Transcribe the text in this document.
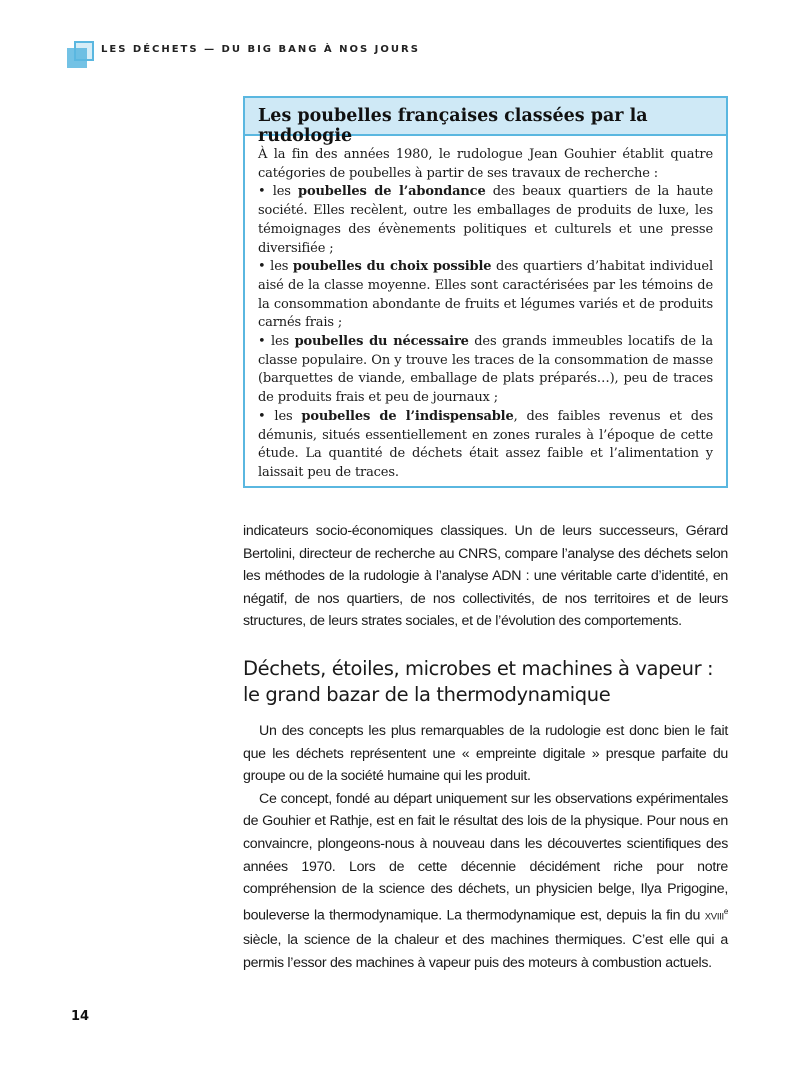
LES DÉCHETS — DU BIG BANG À NOS JOURS
Les poubelles françaises classées par la rudologie

À la fin des années 1980, le rudologue Jean Gouhier établit quatre catégories de poubelles à partir de ses travaux de recherche :

• les poubelles de l’abondance des beaux quartiers de la haute société. Elles recèlent, outre les emballages de produits de luxe, les témoignages des évènements politiques et culturels et une presse diversifiée ;

• les poubelles du choix possible des quartiers d’habitat individuel aisé de la classe moyenne. Elles sont caractérisées par les témoins de la consommation abondante de fruits et légumes variés et de produits carnés frais ;

• les poubelles du nécessaire des grands immeubles locatifs de la classe populaire. On y trouve les traces de la consommation de masse (barquettes de viande, emballage de plats préparés…), peu de traces de produits frais et peu de journaux ;

• les poubelles de l’indispensable, des faibles revenus et des démunis, situés essentiellement en zones rurales à l’époque de cette étude. La quantité de déchets était assez faible et l’alimentation y laissait peu de traces.

indicateurs socio-économiques classiques. Un de leurs successeurs, Gérard Bertolini, directeur de recherche au CNRS, compare l’analyse des déchets selon les méthodes de la rudologie à l’analyse ADN : une véritable carte d’identité, en négatif, de nos quartiers, de nos collectivités, de nos territoires et de leurs structures, de leurs strates sociales, et de l’évolution des comportements.

Déchets, étoiles, microbes et machines à vapeur :
le grand bazar de la thermodynamique

Un des concepts les plus remarquables de la rudologie est donc bien le fait que les déchets représentent une « empreinte digitale » presque parfaite du groupe ou de la société humaine qui les produit.

Ce concept, fondé au départ uniquement sur les observations expérimentales de Gouhier et Rathje, est en fait le résultat des lois de la physique. Pour nous en convaincre, plongeons-nous à nouveau dans les découvertes scientifiques des années 1970. Lors de cette décennie décidément riche pour notre compréhension de la science des déchets, un physicien belge, Ilya Prigogine, bouleverse la thermodynamique. La thermodynamique est, depuis la fin du XVIIIe siècle, la science de la chaleur et des machines thermiques. C’est elle qui a permis l’essor des machines à vapeur puis des moteurs à combustion actuels.

14
